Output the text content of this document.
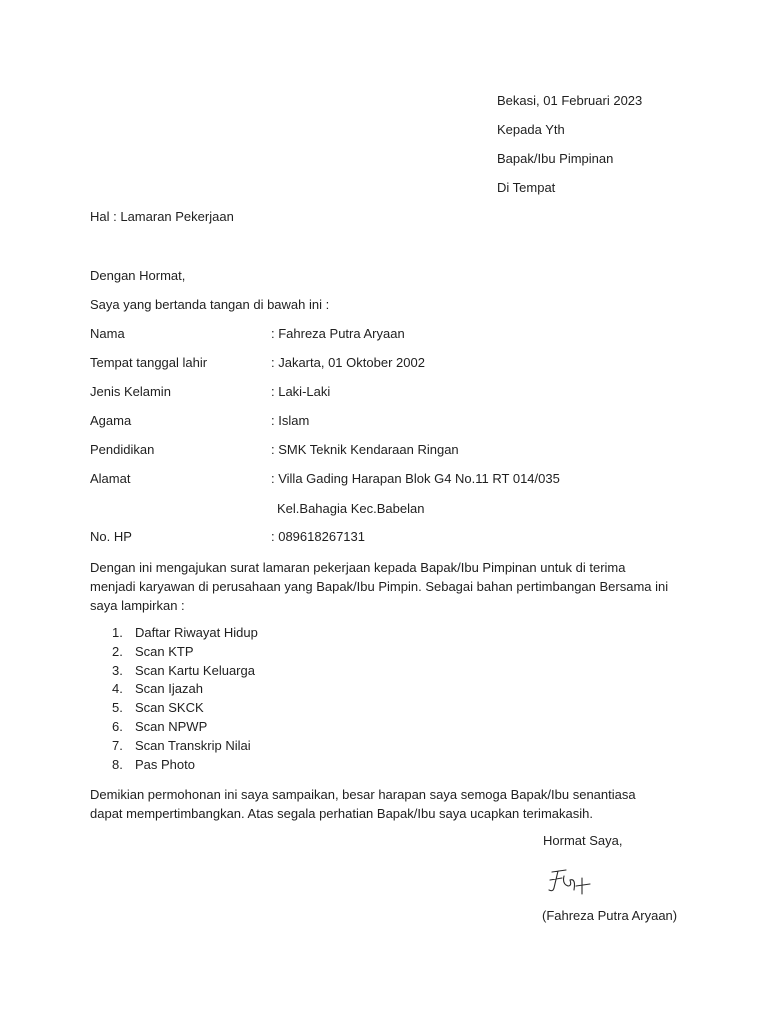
Bekasi, 01 Februari 2023
Kepada Yth
Bapak/Ibu Pimpinan
Di Tempat
Hal : Lamaran Pekerjaan
Dengan Hormat,
Saya yang bertanda tangan di bawah ini :
Nama	: Fahreza Putra Aryaan
Tempat tanggal lahir	: Jakarta, 01 Oktober 2002
Jenis Kelamin	: Laki-Laki
Agama	: Islam
Pendidikan	: SMK Teknik Kendaraan Ringan
Alamat	: Villa Gading Harapan Blok G4 No.11 RT 014/035
Kel.Bahagia Kec.Babelan
No. HP	: 089618267131
Dengan ini mengajukan surat lamaran pekerjaan kepada Bapak/Ibu Pimpinan untuk di terima menjadi karyawan di perusahaan yang Bapak/Ibu Pimpin. Sebagai bahan pertimbangan Bersama ini saya lampirkan :
1. Daftar Riwayat Hidup
2. Scan KTP
3. Scan Kartu Keluarga
4. Scan Ijazah
5. Scan SKCK
6. Scan NPWP
7. Scan Transkrip Nilai
8. Pas Photo
Demikian permohonan ini saya sampaikan, besar harapan saya semoga Bapak/Ibu senantiasa dapat mempertimbangkan. Atas segala perhatian Bapak/Ibu saya ucapkan terimakasih.
Hormat Saya,
(Fahreza Putra Aryaan)
